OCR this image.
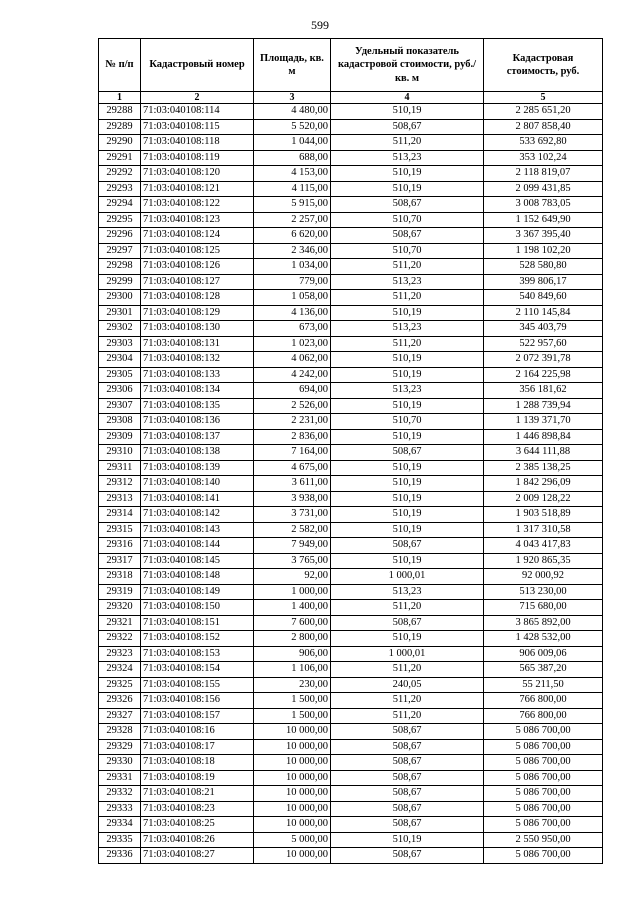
599
№ п/п	Кадастровый номер	Площадь, кв. м	Удельный показатель кадастровой стоимости, руб./кв. м	Кадастровая стоимость, руб.
1	2	3	4	5
29288	71:03:040108:114	4 480,00	510,19	2 285 651,20
29289	71:03:040108:115	5 520,00	508,67	2 807 858,40
29290	71:03:040108:118	1 044,00	511,20	533 692,80
29291	71:03:040108:119	688,00	513,23	353 102,24
29292	71:03:040108:120	4 153,00	510,19	2 118 819,07
29293	71:03:040108:121	4 115,00	510,19	2 099 431,85
29294	71:03:040108:122	5 915,00	508,67	3 008 783,05
29295	71:03:040108:123	2 257,00	510,70	1 152 649,90
29296	71:03:040108:124	6 620,00	508,67	3 367 395,40
29297	71:03:040108:125	2 346,00	510,70	1 198 102,20
29298	71:03:040108:126	1 034,00	511,20	528 580,80
29299	71:03:040108:127	779,00	513,23	399 806,17
29300	71:03:040108:128	1 058,00	511,20	540 849,60
29301	71:03:040108:129	4 136,00	510,19	2 110 145,84
29302	71:03:040108:130	673,00	513,23	345 403,79
29303	71:03:040108:131	1 023,00	511,20	522 957,60
29304	71:03:040108:132	4 062,00	510,19	2 072 391,78
29305	71:03:040108:133	4 242,00	510,19	2 164 225,98
29306	71:03:040108:134	694,00	513,23	356 181,62
29307	71:03:040108:135	2 526,00	510,19	1 288 739,94
29308	71:03:040108:136	2 231,00	510,70	1 139 371,70
29309	71:03:040108:137	2 836,00	510,19	1 446 898,84
29310	71:03:040108:138	7 164,00	508,67	3 644 111,88
29311	71:03:040108:139	4 675,00	510,19	2 385 138,25
29312	71:03:040108:140	3 611,00	510,19	1 842 296,09
29313	71:03:040108:141	3 938,00	510,19	2 009 128,22
29314	71:03:040108:142	3 731,00	510,19	1 903 518,89
29315	71:03:040108:143	2 582,00	510,19	1 317 310,58
29316	71:03:040108:144	7 949,00	508,67	4 043 417,83
29317	71:03:040108:145	3 765,00	510,19	1 920 865,35
29318	71:03:040108:148	92,00	1 000,01	92 000,92
29319	71:03:040108:149	1 000,00	513,23	513 230,00
29320	71:03:040108:150	1 400,00	511,20	715 680,00
29321	71:03:040108:151	7 600,00	508,67	3 865 892,00
29322	71:03:040108:152	2 800,00	510,19	1 428 532,00
29323	71:03:040108:153	906,00	1 000,01	906 009,06
29324	71:03:040108:154	1 106,00	511,20	565 387,20
29325	71:03:040108:155	230,00	240,05	55 211,50
29326	71:03:040108:156	1 500,00	511,20	766 800,00
29327	71:03:040108:157	1 500,00	511,20	766 800,00
29328	71:03:040108:16	10 000,00	508,67	5 086 700,00
29329	71:03:040108:17	10 000,00	508,67	5 086 700,00
29330	71:03:040108:18	10 000,00	508,67	5 086 700,00
29331	71:03:040108:19	10 000,00	508,67	5 086 700,00
29332	71:03:040108:21	10 000,00	508,67	5 086 700,00
29333	71:03:040108:23	10 000,00	508,67	5 086 700,00
29334	71:03:040108:25	10 000,00	508,67	5 086 700,00
29335	71:03:040108:26	5 000,00	510,19	2 550 950,00
29336	71:03:040108:27	10 000,00	508,67	5 086 700,00
